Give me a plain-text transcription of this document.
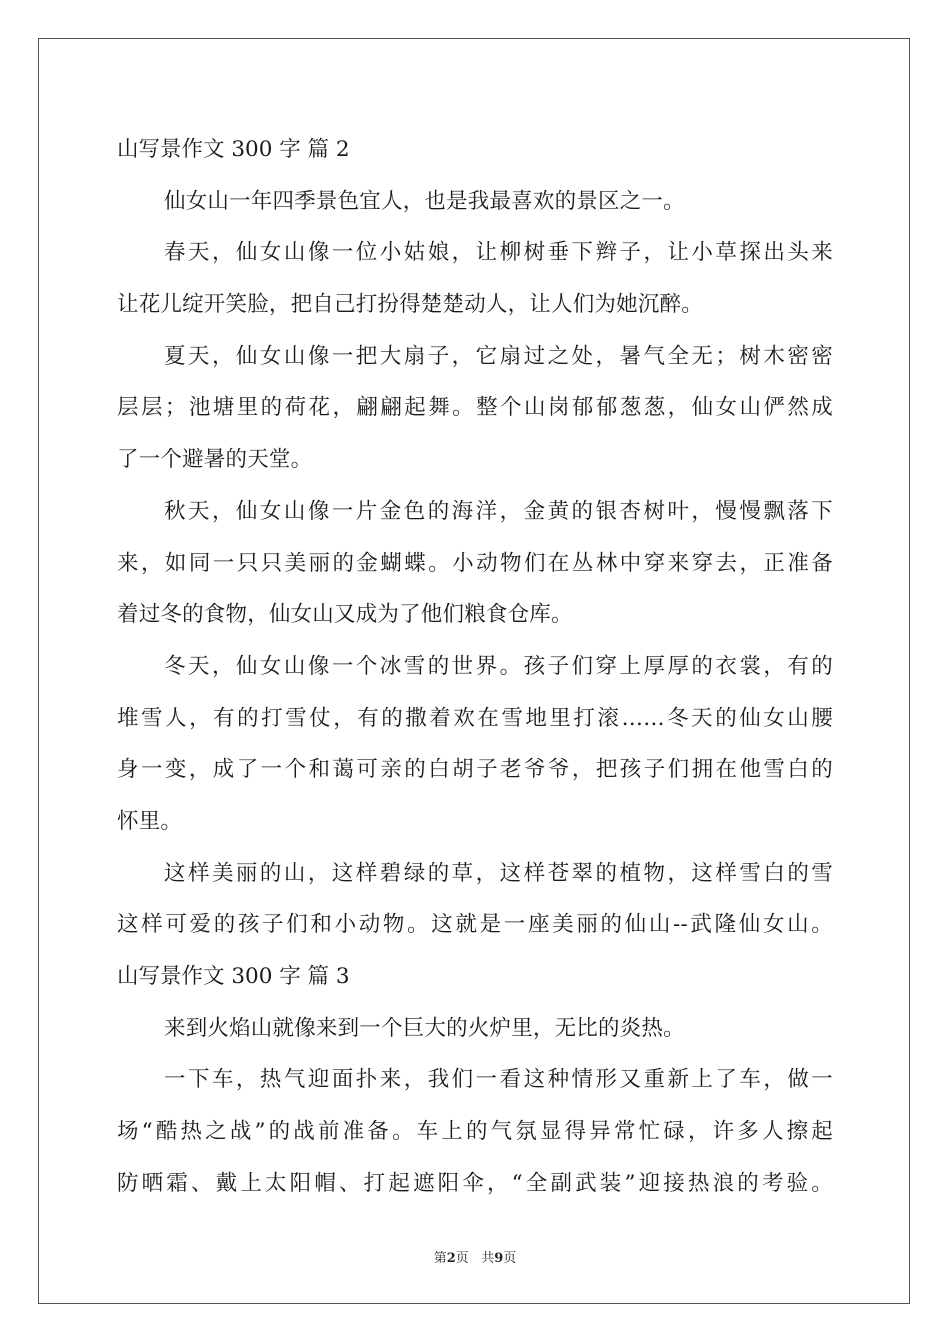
山写景作文 300 字 篇 2
仙女山一年四季景色宜人，也是我最喜欢的景区之一。
春天，仙女山像一位小姑娘，让柳树垂下辫子，让小草探出头来
让花儿绽开笑脸，把自己打扮得楚楚动人，让人们为她沉醉。
夏天，仙女山像一把大扇子，它扇过之处，暑气全无；树木密密
层层；池塘里的荷花，翩翩起舞。整个山岗郁郁葱葱，仙女山俨然成
了一个避暑的天堂。
秋天，仙女山像一片金色的海洋，金黄的银杏树叶，慢慢飘落下
来，如同一只只美丽的金蝴蝶。小动物们在丛林中穿来穿去，正准备
着过冬的食物，仙女山又成为了他们粮食仓库。
冬天，仙女山像一个冰雪的世界。孩子们穿上厚厚的衣裳，有的
堆雪人，有的打雪仗，有的撒着欢在雪地里打滚……冬天的仙女山腰
身一变，成了一个和蔼可亲的白胡子老爷爷，把孩子们拥在他雪白的
怀里。
这样美丽的山，这样碧绿的草，这样苍翠的植物，这样雪白的雪
这样可爱的孩子们和小动物。这就是一座美丽的仙山--武隆仙女山。
山写景作文 300 字 篇 3
来到火焰山就像来到一个巨大的火炉里，无比的炎热。
一下车，热气迎面扑来，我们一看这种情形又重新上了车，做一
场“酷热之战”的战前准备。车上的气氛显得异常忙碌，许多人擦起
防晒霜、戴上太阳帽、打起遮阳伞，“全副武装”迎接热浪的考验。
第2页 共9页
